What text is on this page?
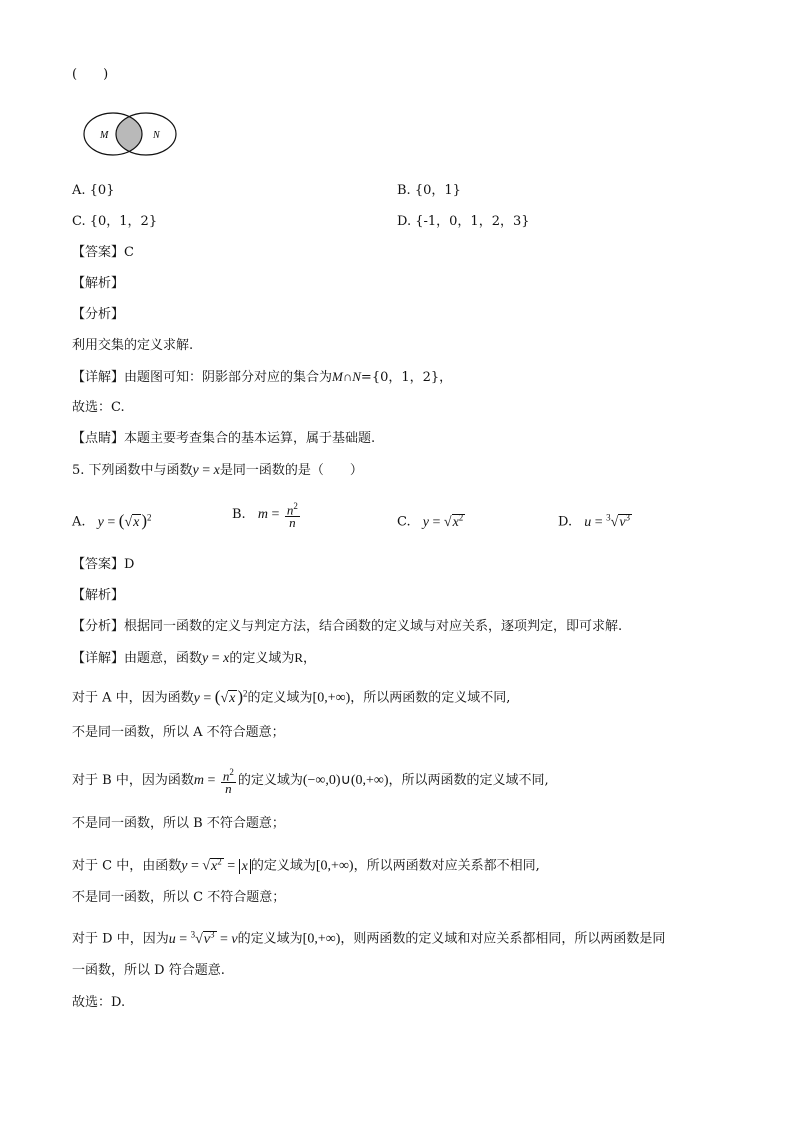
(　　)
M	N
A. {0}	B. {0，1}
C. {0，1，2}	D. {-1，0，1，2，3}
【答案】C
【解析】
【分析】
利用交集的定义求解.
【详解】由题图可知：阴影部分对应的集合为M∩N={0，1，2}，
故选：C.
【点睛】本题主要考查集合的基本运算，属于基础题.
5. 下列函数中与函数y = x是同一函数的是（　　）
A. y = (√x )$^2$	B. $m = \frac{n^2}{n}$	C. $y = √x^2$	D. $u = ^3√v^3$
【答案】D
【解析】
【分析】根据同一函数的定义与判定方法，结合函数的定义域与对应关系，逐项判定，即可求解.
【详解】由题意，函数y = x的定义域为R，
对于 A 中，因为函数y = (√x )$^2$的定义域为[0,+∞)，所以两函数的定义域不同,
不是同一函数，所以 A 不符合题意；
对于 B 中，因为函数$m = \frac{n^2}{n}$ 的定义域为(−∞,0)∪(0,+∞)，所以两函数的定义域不同,
不是同一函数，所以 B 不符合题意；
对于 C 中，由函数$y = √x^2 = x$ 的定义域为[0,+∞)，所以两函数对应关系都不相同,
不是同一函数，所以 C 不符合题意；
对于 D 中，因为$u = ^3√v^3 = v$的定义域为[0,+∞)，则两函数的定义域和对应关系都相同，所以两函数是同
一函数，所以 D 符合题意.
故选：D.
